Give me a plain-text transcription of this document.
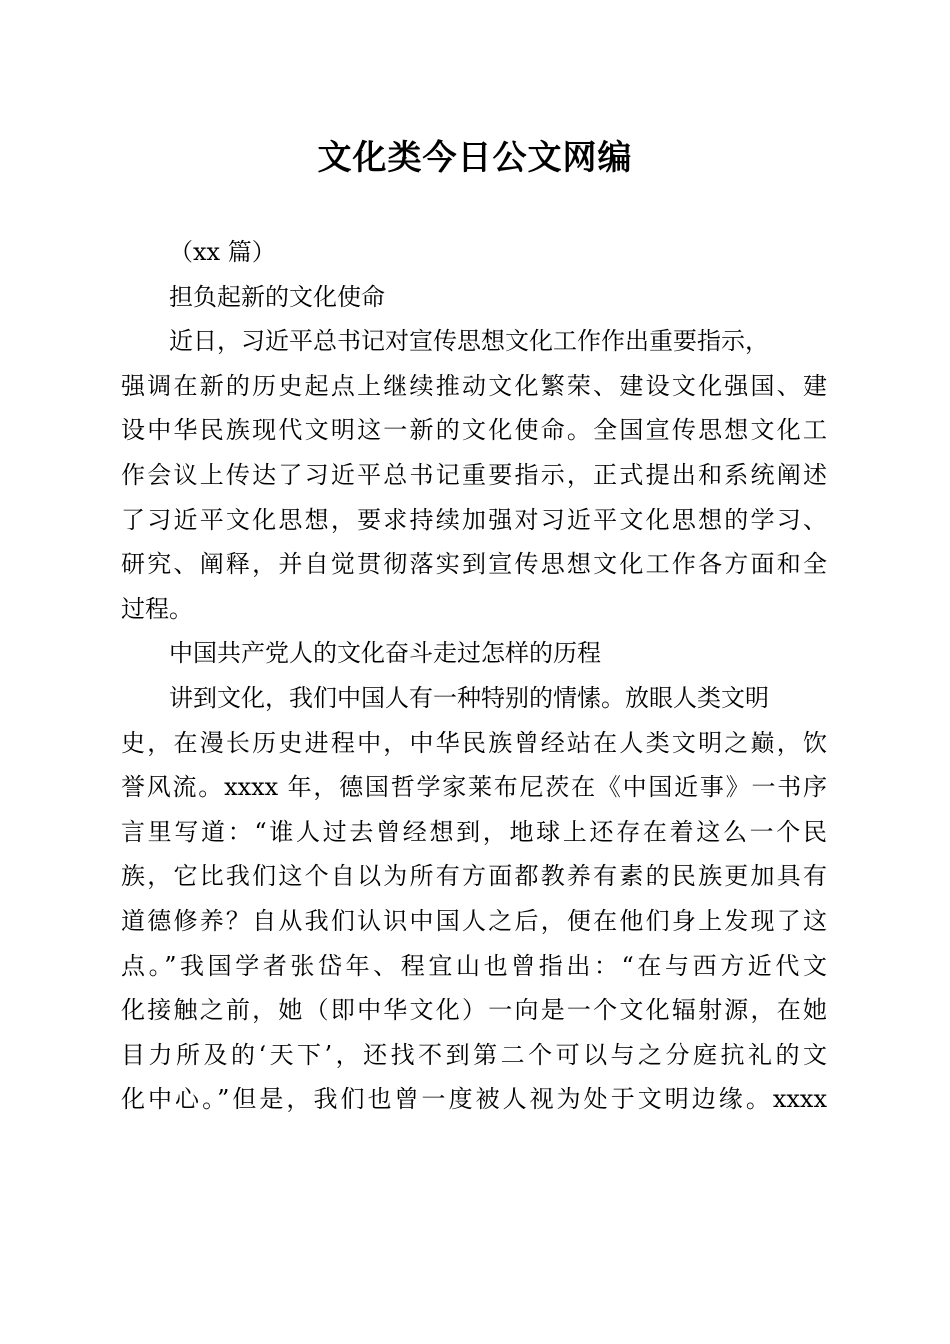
文化类今日公文网编
（xx 篇）
担负起新的文化使命
近日，习近平总书记对宣传思想文化工作作出重要指示，
强调在新的历史起点上继续推动文化繁荣、建设文化强国、建
设中华民族现代文明这一新的文化使命。全国宣传思想文化工
作会议上传达了习近平总书记重要指示，正式提出和系统阐述
了习近平文化思想，要求持续加强对习近平文化思想的学习、
研究、阐释，并自觉贯彻落实到宣传思想文化工作各方面和全
过程。
中国共产党人的文化奋斗走过怎样的历程
讲到文化，我们中国人有一种特别的情愫。放眼人类文明
史，在漫长历史进程中，中华民族曾经站在人类文明之巅，饮
誉风流。xxxx 年，德国哲学家莱布尼茨在《中国近事》一书序
言里写道：“谁人过去曾经想到，地球上还存在着这么一个民
族，它比我们这个自以为所有方面都教养有素的民族更加具有
道德修养？自从我们认识中国人之后，便在他们身上发现了这
点。”我国学者张岱年、程宜山也曾指出：“在与西方近代文
化接触之前，她（即中华文化）一向是一个文化辐射源，在她
目力所及的‘天下’，还找不到第二个可以与之分庭抗礼的文
化中心。”但是，我们也曾一度被人视为处于文明边缘。xxxx
